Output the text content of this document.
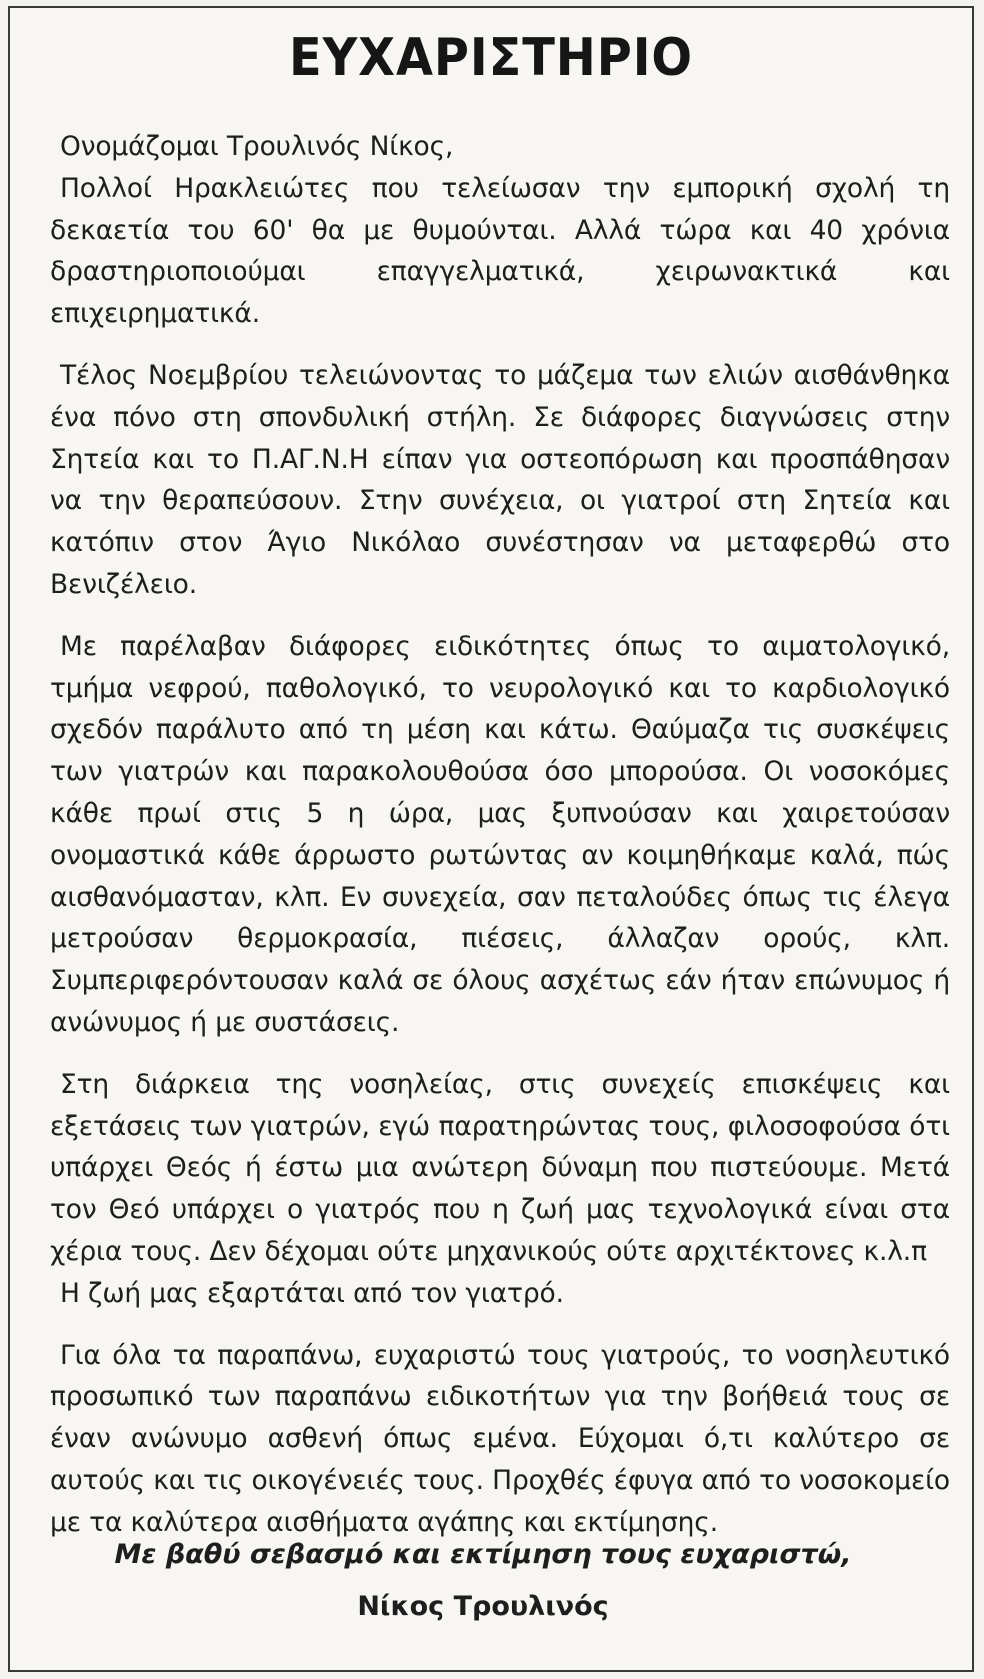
ΕΥΧΑΡΙΣΤΗΡΙΟ

Ονομάζομαι Τρουλινός Νίκος,

Πολλοί Ηρακλειώτες που τελείωσαν την εμπορική σχολή τη δεκαετία του 60' θα με θυμούνται. Αλλά τώρα και 40 χρόνια δραστηριοποιούμαι επαγγελματικά, χειρωνακτικά και επιχειρηματικά.

Τέλος Νοεμβρίου τελειώνοντας το μάζεμα των ελιών αισθάνθηκα ένα πόνο στη σπονδυλική στήλη. Σε διάφορες διαγνώσεις στην Σητεία και το Π.ΑΓ.Ν.Η είπαν για οστεοπόρωση και προσπάθησαν να την θεραπεύσουν. Στην συνέχεια, οι γιατροί στη Σητεία και κατόπιν στον Άγιο Νικόλαο συνέστησαν να μεταφερθώ στο Βενιζέλειο.

Με παρέλαβαν διάφορες ειδικότητες όπως το αιματολογικό, τμήμα νεφρού, παθολογικό, το νευρολογικό και το καρδιολογικό σχεδόν παράλυτο από τη μέση και κάτω. Θαύμαζα τις συσκέψεις των γιατρών και παρακολουθούσα όσο μπορούσα. Οι νοσοκόμες κάθε πρωί στις 5 η ώρα, μας ξυπνούσαν και χαιρετούσαν ονομαστικά κάθε άρρωστο ρωτώντας αν κοιμηθήκαμε καλά, πώς αισθανόμασταν, κλπ. Εν συνεχεία, σαν πεταλούδες όπως τις έλεγα μετρούσαν θερμοκρασία, πιέσεις, άλλαζαν ορούς, κλπ. Συμπεριφερόντουσαν καλά σε όλους ασχέτως εάν ήταν επώνυμος ή ανώνυμος ή με συστάσεις.

Στη διάρκεια της νοσηλείας, στις συνεχείς επισκέψεις και εξετάσεις των γιατρών, εγώ παρατηρώντας τους, φιλοσοφούσα ότι υπάρχει Θεός ή έστω μια ανώτερη δύναμη που πιστεύουμε. Μετά τον Θεό υπάρχει ο γιατρός που η ζωή μας τεχνολογικά είναι στα χέρια τους. Δεν δέχομαι ούτε μηχανικούς ούτε αρχιτέκτονες κ.λ.π

Η ζωή μας εξαρτάται από τον γιατρό.

Για όλα τα παραπάνω, ευχαριστώ τους γιατρούς, το νοσηλευτικό προσωπικό των παραπάνω ειδικοτήτων για την βοήθειά τους σε έναν ανώνυμο ασθενή όπως εμένα. Εύχομαι ό,τι καλύτερο σε αυτούς και τις οικογένειές τους. Προχθές έφυγα από το νοσοκομείο με τα καλύτερα αισθήματα αγάπης και εκτίμησης.

Με βαθύ σεβασμό και εκτίμηση τους ευχαριστώ,
Νίκος Τρουλινός
